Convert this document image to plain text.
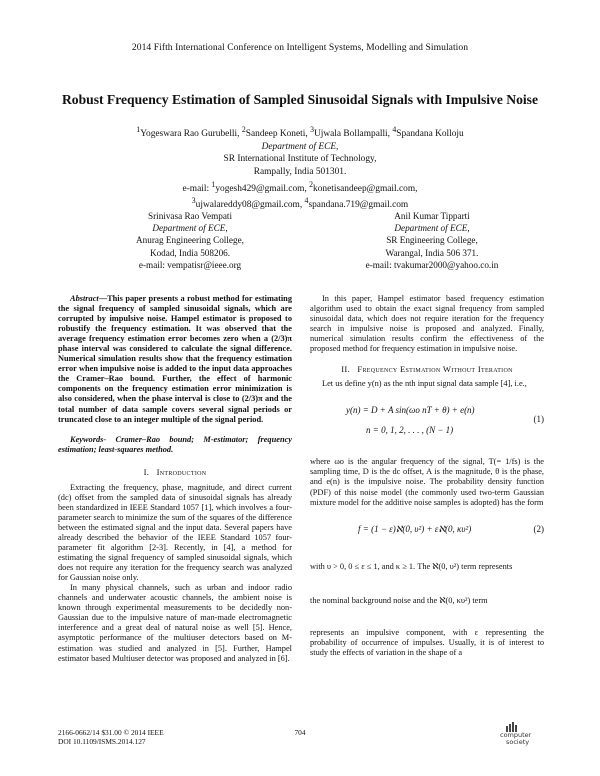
2014 Fifth International Conference on Intelligent Systems, Modelling and Simulation
Robust Frequency Estimation of Sampled Sinusoidal Signals with Impulsive Noise
$^1$Yogeswara Rao Gurubelli, $^2$Sandeep Koneti, $^3$Ujwala Bollampalli, $^4$Spandana Kolloju
Department of ECE,
SR International Institute of Technology,
Rampally, India 501301.
e-mail: $^1$yogesh429@gmail.com, $^2$konetisandeep@gmail.com,
$^3$ujwalareddy08@gmail.com, $^4$spandana.719@gmail.com
Srinivasa Rao Vempati
Department of ECE,
Anurag Engineering College,
Kodad, India 508206.
e-mail: vempatisr@ieee.org
Anil Kumar Tipparti
Department of ECE,
SR Engineering College,
Warangal, India 506 371.
e-mail: tvakumar2000@yahoo.co.in

Abstract—This paper presents a robust method for estimating the signal frequency of sampled sinusoidal signals, which are corrupted by impulsive noise. Hampel estimator is proposed to robustify the frequency estimation. It was observed that the average frequency estimation error becomes zero when a (2/3)π phase interval was considered to calculate the signal difference. Numerical simulation results show that the frequency estimation error when impulsive noise is added to the input data approaches the Cramer–Rao bound. Further, the effect of harmonic components on the frequency estimation error minimization is also considered, when the phase interval is close to (2/3)π and the total number of data sample covers several signal periods or truncated close to an integer multiple of the signal period.

Keywords- Cramer–Rao bound; M-estimator; frequency estimation; least-squares method.

I. Introduction

Extracting the frequency, phase, magnitude, and direct current (dc) offset from the sampled data of sinusoidal signals has already been standardized in IEEE Standard 1057 [1], which involves a four-parameter search to minimize the sum of the squares of the difference between the estimated signal and the input data. Several papers have already described the behavior of the IEEE Standard 1057 four-parameter fit algorithm [2-3]. Recently, in [4], a method for estimating the signal frequency of sampled sinusoidal signals, which does not require any iteration for the frequency search was analyzed for Gaussian noise only.

In many physical channels, such as urban and indoor radio channels and underwater acoustic channels, the ambient noise is known through experimental measurements to be decidedly non-Gaussian due to the impulsive nature of man-made electromagnetic interference and a great deal of natural noise as well [5]. Hence, asymptotic performance of the multiuser detectors based on M-estimation was studied and analyzed in [5]. Further, Hampel estimator based Multiuser detector was proposed and analyzed in [6].

In this paper, Hampel estimator based frequency estimation algorithm used to obtain the exact signal frequency from sampled sinusoidal data, which does not require iteration for the frequency search in impulsive noise is proposed and analyzed. Finally, numerical simulation results confirm the effectiveness of the proposed method for frequency estimation in impulsive noise.

II. Frequency Estimation Without Iteration

Let us define y(n) as the nth input signal data sample [4], i.e.,

y(n) = D + A sin(ωo nT + θ) + e(n)
n = 0, 1, 2, . . . , (N − 1)
(1)

where ωo is the angular frequency of the signal, T(= 1/fs) is the sampling time, D is the dc offset, A is the magnitude, θ is the phase, and e(n) is the impulsive noise. The probability density function (PDF) of this noise model (the commonly used two-term Gaussian mixture model for the additive noise samples is adopted) has the form

f = (1 − ε)ℵ(0, υ²) + εℵ(0, κυ²)	(2)

with υ > 0, 0 ≤ ε ≤ 1, and κ ≥ 1. The ℵ(0, υ²) term represents

the nominal background noise and the ℵ(0, κυ²) term

represents an impulsive component, with ε representing the probability of occurrence of impulses. Usually, it is of interest to study the effects of variation in the shape of a

2166-0662/14 $31.00 © 2014 IEEE
DOI 10.1109/ISMS.2014.127
704	computer
society
